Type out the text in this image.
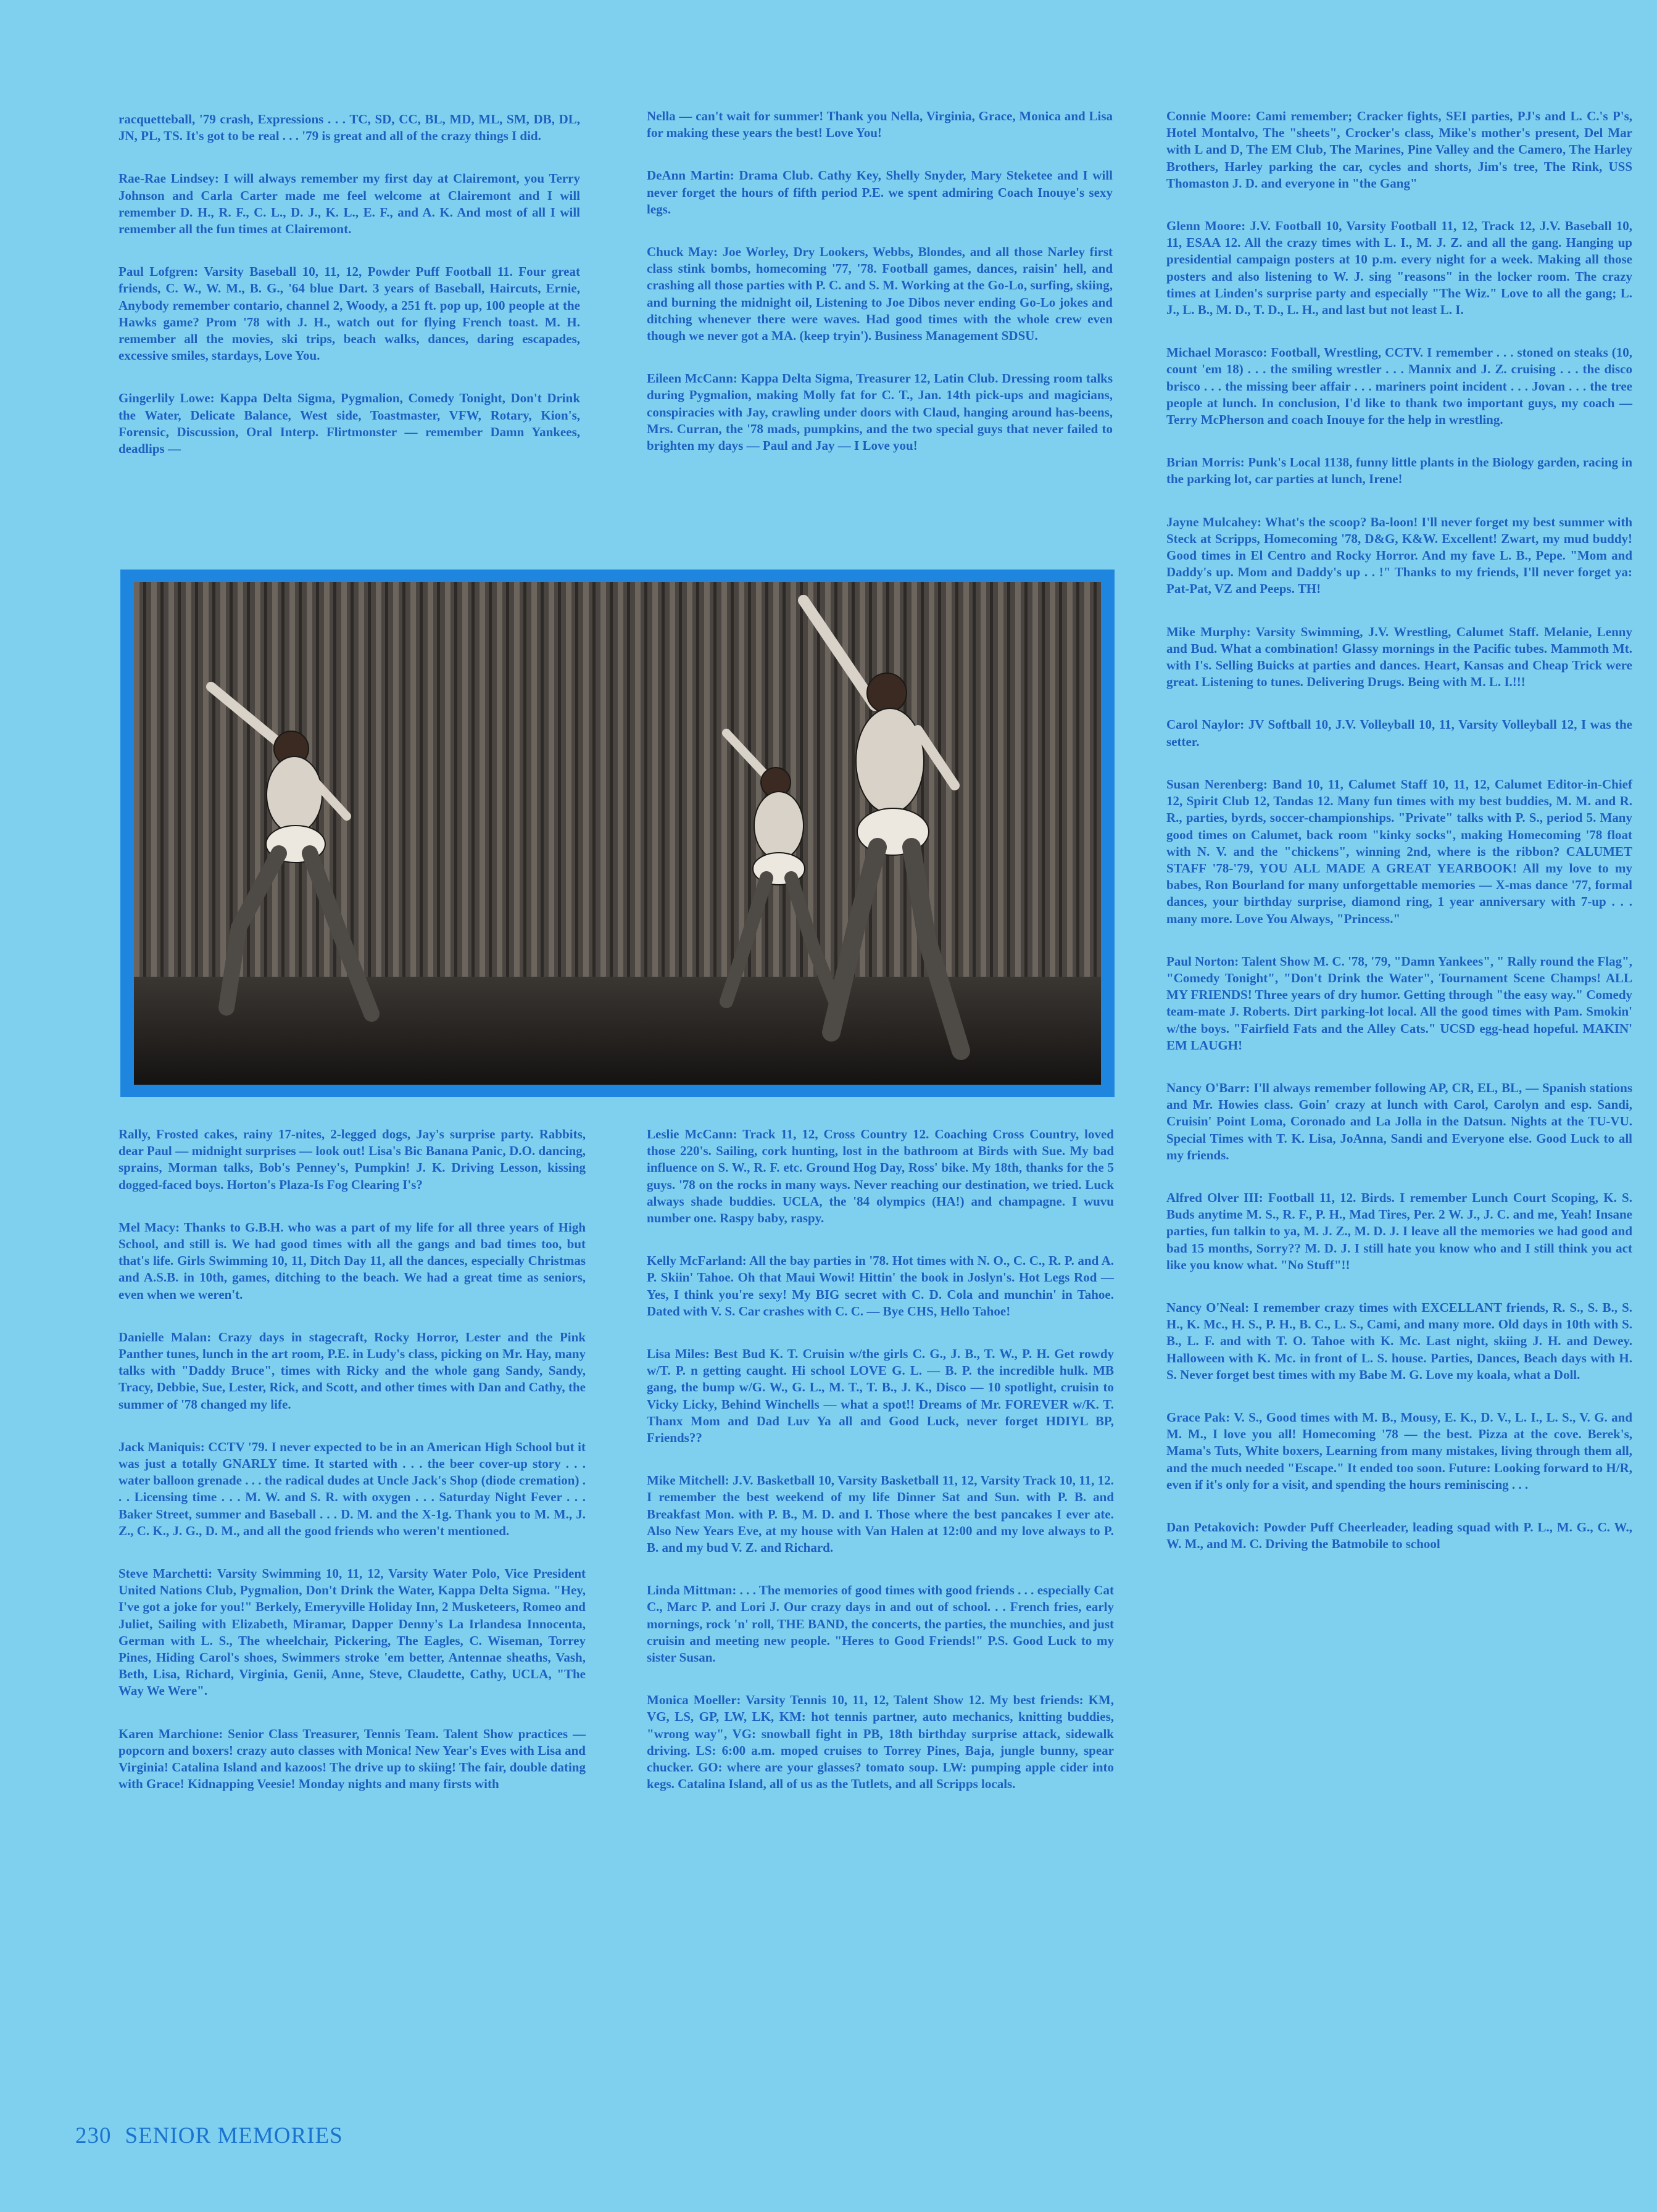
racquetteball, '79 crash, Expressions . . . TC, SD, CC, BL, MD, ML, SM, DB, DL, JN, PL, TS. It's got to be real . . . '79 is great and all of the crazy things I did.

Rae-Rae Lindsey: I will always remember my first day at Clairemont, you Terry Johnson and Carla Carter made me feel welcome at Clairemont and I will remember D. H., R. F., C. L., D. J., K. L., E. F., and A. K. And most of all I will remember all the fun times at Clairemont.

Paul Lofgren: Varsity Baseball 10, 11, 12, Powder Puff Football 11. Four great friends, C. W., W. M., B. G., '64 blue Dart. 3 years of Baseball, Haircuts, Ernie, Anybody remember contario, channel 2, Woody, a 251 ft. pop up, 100 people at the Hawks game? Prom '78 with J. H., watch out for flying French toast. M. H. remember all the movies, ski trips, beach walks, dances, daring escapades, excessive smiles, stardays, Love You.

Gingerlily Lowe: Kappa Delta Sigma, Pygmalion, Comedy Tonight, Don't Drink the Water, Delicate Balance, West side, Toastmaster, VFW, Rotary, Kion's, Forensic, Discussion, Oral Interp. Flirtmonster — remember Damn Yankees, deadlips —

Nella — can't wait for summer! Thank you Nella, Virginia, Grace, Monica and Lisa for making these years the best! Love You!

DeAnn Martin: Drama Club. Cathy Key, Shelly Snyder, Mary Steketee and I will never forget the hours of fifth period P.E. we spent admiring Coach Inouye's sexy legs.

Chuck May: Joe Worley, Dry Lookers, Webbs, Blondes, and all those Narley first class stink bombs, homecoming '77, '78. Football games, dances, raisin' hell, and crashing all those parties with P. C. and S. M. Working at the Go-Lo, surfing, skiing, and burning the midnight oil, Listening to Joe Dibos never ending Go-Lo jokes and ditching whenever there were waves. Had good times with the whole crew even though we never got a MA. (keep tryin'). Business Management SDSU.

Eileen McCann: Kappa Delta Sigma, Treasurer 12, Latin Club. Dressing room talks during Pygmalion, making Molly fat for C. T., Jan. 14th pick-ups and magicians, conspiracies with Jay, crawling under doors with Claud, hanging around has-beens, Mrs. Curran, the '78 mads, pumpkins, and the two special guys that never failed to brighten my days — Paul and Jay — I Love you!

Connie Moore: Cami remember; Cracker fights, SEI parties, PJ's and L. C.'s P's, Hotel Montalvo, The "sheets", Crocker's class, Mike's mother's present, Del Mar with L and D, The EM Club, The Marines, Pine Valley and the Camero, The Harley Brothers, Harley parking the car, cycles and shorts, Jim's tree, The Rink, USS Thomaston J. D. and everyone in "the Gang"

Glenn Moore: J.V. Football 10, Varsity Football 11, 12, Track 12, J.V. Baseball 10, 11, ESAA 12. All the crazy times with L. I., M. J. Z. and all the gang. Hanging up presidential campaign posters at 10 p.m. every night for a week. Making all those posters and also listening to W. J. sing "reasons" in the locker room. The crazy times at Linden's surprise party and especially "The Wiz." Love to all the gang; L. J., L. B., M. D., T. D., L. H., and last but not least L. I.

Michael Morasco: Football, Wrestling, CCTV. I remember . . . stoned on steaks (10, count 'em 18) . . . the smiling wrestler . . . Mannix and J. Z. cruising . . . the disco brisco . . . the missing beer affair . . . mariners point incident . . . Jovan . . . the tree people at lunch. In conclusion, I'd like to thank two important guys, my coach — Terry McPherson and coach Inouye for the help in wrestling.

Brian Morris: Punk's Local 1138, funny little plants in the Biology garden, racing in the parking lot, car parties at lunch, Irene!

Jayne Mulcahey: What's the scoop? Ba-loon! I'll never forget my best summer with Steck at Scripps, Homecoming '78, D&G, K&W. Excellent! Zwart, my mud buddy! Good times in El Centro and Rocky Horror. And my fave L. B., Pepe. "Mom and Daddy's up. Mom and Daddy's up . . !" Thanks to my friends, I'll never forget ya: Pat-Pat, VZ and Peeps. TH!

Mike Murphy: Varsity Swimming, J.V. Wrestling, Calumet Staff. Melanie, Lenny and Bud. What a combination! Glassy mornings in the Pacific tubes. Mammoth Mt. with I's. Selling Buicks at parties and dances. Heart, Kansas and Cheap Trick were great. Listening to tunes. Delivering Drugs. Being with M. L. I.!!!

Carol Naylor: JV Softball 10, J.V. Volleyball 10, 11, Varsity Volleyball 12, I was the setter.

Susan Nerenberg: Band 10, 11, Calumet Staff 10, 11, 12, Calumet Editor-in-Chief 12, Spirit Club 12, Tandas 12. Many fun times with my best buddies, M. M. and R. R., parties, byrds, soccer-championships. "Private" talks with P. S., period 5. Many good times on Calumet, back room "kinky socks", making Homecoming '78 float with N. V. and the "chickens", winning 2nd, where is the ribbon? CALUMET STAFF '78-'79, YOU ALL MADE A GREAT YEARBOOK! All my love to my babes, Ron Bourland for many unforgettable memories — X-mas dance '77, formal dances, your birthday surprise, diamond ring, 1 year anniversary with 7-up . . . many more. Love You Always, "Princess."

Paul Norton: Talent Show M. C. '78, '79, "Damn Yankees", " Rally round the Flag", "Comedy Tonight", "Don't Drink the Water", Tournament Scene Champs! ALL MY FRIENDS! Three years of dry humor. Getting through "the easy way." Comedy team-mate J. Roberts. Dirt parking-lot local. All the good times with Pam. Smokin' w/the boys. "Fairfield Fats and the Alley Cats." UCSD egg-head hopeful. MAKIN' EM LAUGH!

Nancy O'Barr: I'll always remember following AP, CR, EL, BL, — Spanish stations and Mr. Howies class. Goin' crazy at lunch with Carol, Carolyn and esp. Sandi, Cruisin' Point Loma, Coronado and La Jolla in the Datsun. Nights at the TU-VU. Special Times with T. K. Lisa, JoAnna, Sandi and Everyone else. Good Luck to all my friends.

Alfred Olver III: Football 11, 12. Birds. I remember Lunch Court Scoping, K. S. Buds anytime M. S., R. F., P. H., Mad Tires, Per. 2 W. J., J. C. and me, Yeah! Insane parties, fun talkin to ya, M. J. Z., M. D. J. I leave all the memories we had good and bad 15 months, Sorry?? M. D. J. I still hate you know who and I still think you act like you know what. "No Stuff"!!

Nancy O'Neal: I remember crazy times with EXCELLANT friends, R. S., S. B., S. H., K. Mc., H. S., P. H., B. C., L. S., Cami, and many more. Old days in 10th with S. B., L. F. and with T. O. Tahoe with K. Mc. Last night, skiing J. H. and Dewey. Halloween with K. Mc. in front of L. S. house. Parties, Dances, Beach days with H. S. Never forget best times with my Babe M. G. Love my koala, what a Doll.

Grace Pak: V. S., Good times with M. B., Mousy, E. K., D. V., L. I., L. S., V. G. and M. M., I love you all! Homecoming '78 — the best. Pizza at the cove. Berek's, Mama's Tuts, White boxers, Learning from many mistakes, living through them all, and the much needed "Escape." It ended too soon. Future: Looking forward to H/R, even if it's only for a visit, and spending the hours reminiscing . . .

Dan Petakovich: Powder Puff Cheerleader, leading squad with P. L., M. G., C. W., W. M., and M. C. Driving the Batmobile to school

Rally, Frosted cakes, rainy 17-nites, 2-legged dogs, Jay's surprise party. Rabbits, dear Paul — midnight surprises — look out! Lisa's Bic Banana Panic, D.O. dancing, sprains, Morman talks, Bob's Penney's, Pumpkin! J. K. Driving Lesson, kissing dogged-faced boys. Horton's Plaza-Is Fog Clearing I's?

Mel Macy: Thanks to G.B.H. who was a part of my life for all three years of High School, and still is. We had good times with all the gangs and bad times too, but that's life. Girls Swimming 10, 11, Ditch Day 11, all the dances, especially Christmas and A.S.B. in 10th, games, ditching to the beach. We had a great time as seniors, even when we weren't.

Danielle Malan: Crazy days in stagecraft, Rocky Horror, Lester and the Pink Panther tunes, lunch in the art room, P.E. in Ludy's class, picking on Mr. Hay, many talks with "Daddy Bruce", times with Ricky and the whole gang Sandy, Sandy, Tracy, Debbie, Sue, Lester, Rick, and Scott, and other times with Dan and Cathy, the summer of '78 changed my life.

Jack Maniquis: CCTV '79. I never expected to be in an American High School but it was just a totally GNARLY time. It started with . . . the beer cover-up story . . . water balloon grenade . . . the radical dudes at Uncle Jack's Shop (diode cremation) . . . Licensing time . . . M. W. and S. R. with oxygen . . . Saturday Night Fever . . . Baker Street, summer and Baseball . . . D. M. and the X-1g. Thank you to M. M., J. Z., C. K., J. G., D. M., and all the good friends who weren't mentioned.

Steve Marchetti: Varsity Swimming 10, 11, 12, Varsity Water Polo, Vice President United Nations Club, Pygmalion, Don't Drink the Water, Kappa Delta Sigma. "Hey, I've got a joke for you!" Berkely, Emeryville Holiday Inn, 2 Musketeers, Romeo and Juliet, Sailing with Elizabeth, Miramar, Dapper Denny's La Irlandesa Innocenta, German with L. S., The wheelchair, Pickering, The Eagles, C. Wiseman, Torrey Pines, Hiding Carol's shoes, Swimmers stroke 'em better, Antennae sheaths, Vash, Beth, Lisa, Richard, Virginia, Genii, Anne, Steve, Claudette, Cathy, UCLA, "The Way We Were".

Karen Marchione: Senior Class Treasurer, Tennis Team. Talent Show practices — popcorn and boxers! crazy auto classes with Monica! New Year's Eves with Lisa and Virginia! Catalina Island and kazoos! The drive up to skiing! The fair, double dating with Grace! Kidnapping Veesie! Monday nights and many firsts with

Leslie McCann: Track 11, 12, Cross Country 12. Coaching Cross Country, loved those 220's. Sailing, cork hunting, lost in the bathroom at Birds with Sue. My bad influence on S. W., R. F. etc. Ground Hog Day, Ross' bike. My 18th, thanks for the 5 guys. '78 on the rocks in many ways. Never reaching our destination, we tried. Luck always shade buddies. UCLA, the '84 olympics (HA!) and champagne. I wuvu number one. Raspy baby, raspy.

Kelly McFarland: All the bay parties in '78. Hot times with N. O., C. C., R. P. and A. P. Skiin' Tahoe. Oh that Maui Wowi! Hittin' the book in Joslyn's. Hot Legs Rod — Yes, I think you're sexy! My BIG secret with C. D. Cola and munchin' in Tahoe. Dated with V. S. Car crashes with C. C. — Bye CHS, Hello Tahoe!

Lisa Miles: Best Bud K. T. Cruisin w/the girls C. G., J. B., T. W., P. H. Get rowdy w/T. P. n getting caught. Hi school LOVE G. L. — B. P. the incredible hulk. MB gang, the bump w/G. W., G. L., M. T., T. B., J. K., Disco — 10 spotlight, cruisin to Vicky Licky, Behind Winchells — what a spot!! Dreams of Mr. FOREVER w/K. T. Thanx Mom and Dad Luv Ya all and Good Luck, never forget HDIYL BP, Friends??

Mike Mitchell: J.V. Basketball 10, Varsity Basketball 11, 12, Varsity Track 10, 11, 12. I remember the best weekend of my life Dinner Sat and Sun. with P. B. and Breakfast Mon. with P. B., M. D. and I. Those where the best pancakes I ever ate. Also New Years Eve, at my house with Van Halen at 12:00 and my love always to P. B. and my bud V. Z. and Richard.

Linda Mittman: . . . The memories of good times with good friends . . . especially Cat C., Marc P. and Lori J. Our crazy days in and out of school. . . French fries, early mornings, rock 'n' roll, THE BAND, the concerts, the parties, the munchies, and just cruisin and meeting new people. "Heres to Good Friends!" P.S. Good Luck to my sister Susan.

Monica Moeller: Varsity Tennis 10, 11, 12, Talent Show 12. My best friends: KM, VG, LS, GP, LW, LK, KM: hot tennis partner, auto mechanics, knitting buddies, "wrong way", VG: snowball fight in PB, 18th birthday surprise attack, sidewalk driving. LS: 6:00 a.m. moped cruises to Torrey Pines, Baja, jungle bunny, spear chucker. GO: where are your glasses? tomato soup. LW: pumping apple cider into kegs. Catalina Island, all of us as the Tutlets, and all Scripps locals.

230 SENIOR MEMORIES
